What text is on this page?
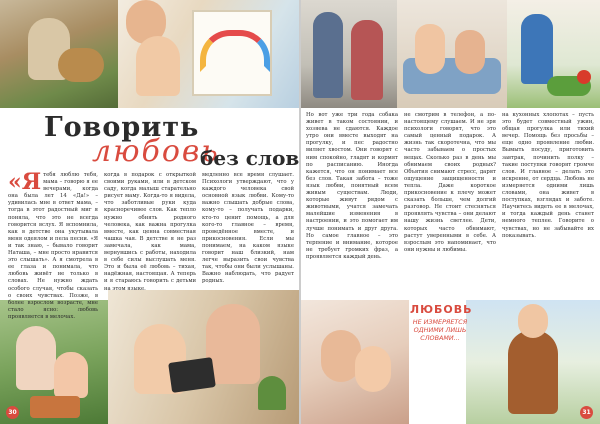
Говорить
любовь
без слов
«Ятебя люблю тебя, мама – говорю я ее вечерами, когда она была лет 14 «Да!» – удивилась мне в ответ мама, – тогда в этот радостный миг я поняла, что это не всегда говорится вслух. Я вспомнила, как в детстве она укутывала меня одеялом и пела песни. «Я и так знаю, – бывало говорит Наташа, – мне просто нравится это слышать». А я смотрела в ее глаза и понимала, что любовь живёт не только в словах. Не нужно ждать особого случая, чтобы сказать о своих чувствах. Позже, в более взрослом возрасте, мне стало ясно: любовь проявляется в мелочах.
когда в подарок с открыткой своими руками, или в детском саду, когда малыш старательно рисует маму. Когда-то я видела, что заботливые руки куда красноречивее слов. Как тепло нужно обнять родного человека, как важна прогулка вместе, как ценна совместная чашка чая. В детстве я не раз замечала, как мама, вернувшись с работы, находила в себе силы выслушать меня. Это и была её любовь – тихая, надёжная, настоящая. А теперь и я стараюсь говорить с детьми на этом языке.
медленно все время слушает. Психологи утверждают, что у каждого человека свой основной язык любви. Кому-то важно слышать добрые слова, кому-то – получать подарки, кто-то ценит помощь, а для кого-то главное – время, проведённое вместе, и прикосновения. Если мы понимаем, на каком языке говорит наш близкий, нам легче выразить свои чувства так, чтобы они были услышаны. Важно наблюдать, что радует родных.
Но вот уже три года собака живет в таком состоянии, и хозяева не сдаются. Каждое утро они вместе выходят на прогулку, и пес радостно виляет хвостом. Они говорят с ним спокойно, гладят и кормят по расписанию. Иногда кажется, что он понимает все без слов. Такая забота – тоже язык любви, понятный всем живым существам. Люди, которые живут рядом с животными, учатся замечать малейшие изменения в настроении, и это помогает им лучше понимать и друг друга. Но самое главное – это терпение и внимание, которое не требует громких фраз, а проявляется каждый день.
не смотрим в телефон, а по-настоящему слушаем. И не зря психологи говорят, что это самый ценный подарок. А жизнь так скоротечна, что мы часто забываем о простых вещах. Сколько раз в день мы обнимаем своих родных? Объятия снимают стресс, дарят ощущение защищенности и тепла. Даже короткое прикосновение к плечу может сказать больше, чем долгий разговор. Не стоит стесняться проявлять чувства – они делают нашу жизнь светлее. Дети, которых часто обнимают, растут уверенными в себе. А взрослым это напоминает, что они нужны и любимы.
на кухонных хлопотах – пусть это будет совместный ужин, общая прогулка или тихий вечер. Помощь без просьбы – еще одно проявление любви. Вымыть посуду, приготовить завтрак, починить полку – такие поступки говорят громче слов. И главное – делать это искренне, от сердца. Любовь не измеряется одними лишь словами, она живет в поступках, взглядах и заботе. Научитесь видеть ее в мелочах, и тогда каждый день станет немного теплее. Говорите о чувствах, но не забывайте их показывать.
ЛЮБОВЬ
НЕ ИЗМЕРЯЕТСЯ ОДНИМИ ЛИШЬ СЛОВАМИ...
30	31
